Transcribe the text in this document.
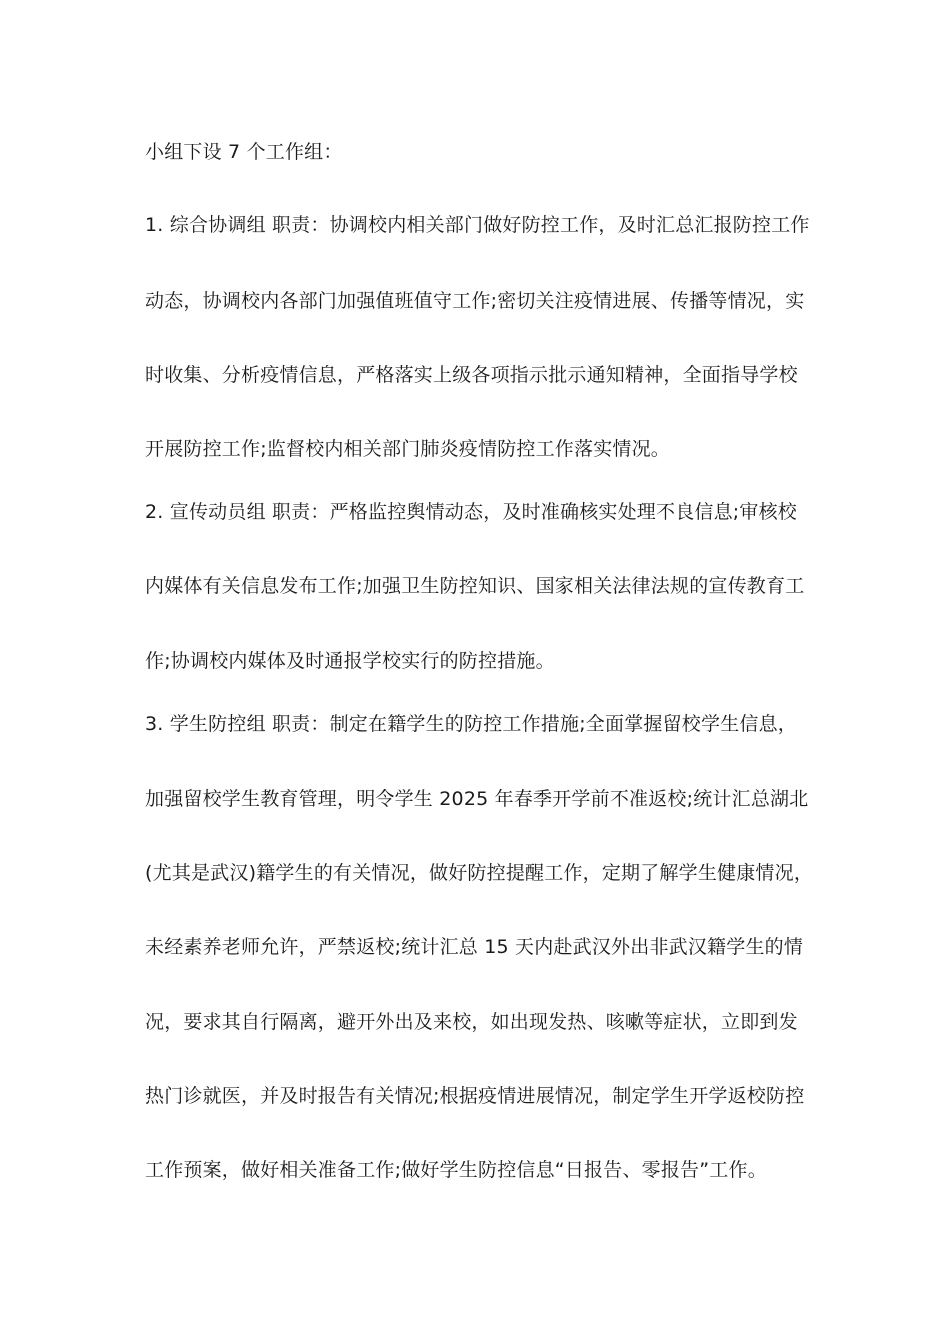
小组下设 7 个工作组：
1. 综合协调组 职责：协调校内相关部门做好防控工作，及时汇总汇报防控工作
动态，协调校内各部门加强值班值守工作;密切关注疫情进展、传播等情况，实
时收集、分析疫情信息，严格落实上级各项指示批示通知精神，全面指导学校
开展防控工作;监督校内相关部门肺炎疫情防控工作落实情况。
2. 宣传动员组 职责：严格监控舆情动态，及时准确核实处理不良信息;审核校
内媒体有关信息发布工作;加强卫生防控知识、国家相关法律法规的宣传教育工
作;协调校内媒体及时通报学校实行的防控措施。
3. 学生防控组 职责：制定在籍学生的防控工作措施;全面掌握留校学生信息，
加强留校学生教育管理，明令学生 2025 年春季开学前不准返校;统计汇总湖北
(尤其是武汉)籍学生的有关情况，做好防控提醒工作，定期了解学生健康情况，
未经素养老师允许，严禁返校;统计汇总 15 天内赴武汉外出非武汉籍学生的情
况，要求其自行隔离，避开外出及来校，如出现发热、咳嗽等症状，立即到发
热门诊就医，并及时报告有关情况;根据疫情进展情况，制定学生开学返校防控
工作预案，做好相关准备工作;做好学生防控信息“日报告、零报告”工作。
